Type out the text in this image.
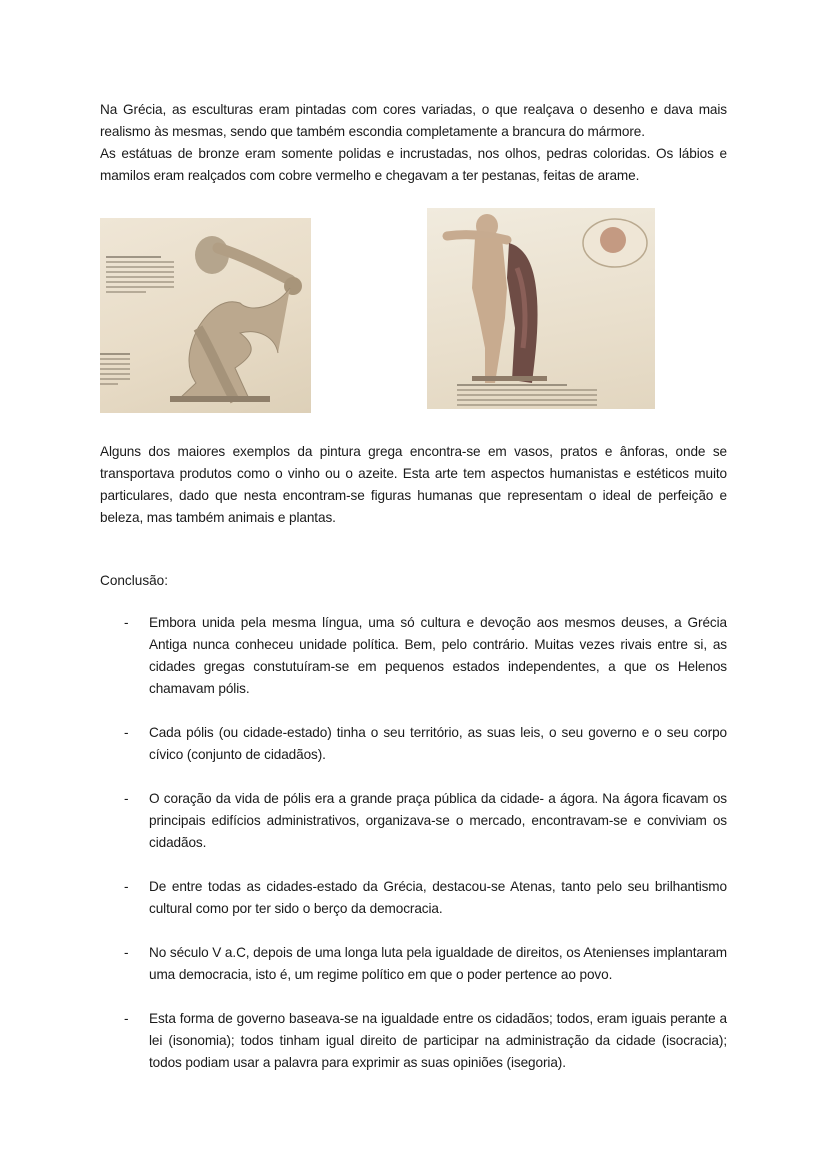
Na Grécia, as esculturas eram pintadas com cores variadas, o que realçava o desenho e dava mais realismo às mesmas, sendo que também escondia completamente a brancura do mármore.

As estátuas de bronze eram somente polidas e incrustadas, nos olhos, pedras coloridas. Os lábios e mamilos eram realçados com cobre vermelho e chegavam a ter pestanas, feitas de arame.

Alguns dos maiores exemplos da pintura grega encontra-se em vasos, pratos e ânforas, onde se transportava produtos como o vinho ou o azeite. Esta arte tem aspectos humanistas e estéticos muito particulares, dado que nesta encontram-se figuras humanas que representam o ideal de perfeição e beleza, mas também animais e plantas.

Conclusão:
- Embora unida pela mesma língua, uma só cultura e devoção aos mesmos deuses, a Grécia Antiga nunca conheceu unidade política. Bem, pelo contrário. Muitas vezes rivais entre si, as cidades gregas constutuíram-se em pequenos estados independentes, a que os Helenos chamavam pólis.
- Cada pólis (ou cidade-estado) tinha o seu território, as suas leis, o seu governo e o seu corpo cívico (conjunto de cidadãos).
- O coração da vida de pólis era a grande praça pública da cidade- a ágora. Na ágora ficavam os principais edifícios administrativos, organizava-se o mercado, encontravam-se e conviviam os cidadãos.
- De entre todas as cidades-estado da Grécia, destacou-se Atenas, tanto pelo seu brilhantismo cultural como por ter sido o berço da democracia.
- No século V a.C, depois de uma longa luta pela igualdade de direitos, os Atenienses implantaram uma democracia, isto é, um regime político em que o poder pertence ao povo.
- Esta forma de governo baseava-se na igualdade entre os cidadãos; todos, eram iguais perante a lei (isonomia); todos tinham igual direito de participar na administração da cidade (isocracia); todos podiam usar a palavra para exprimir as suas opiniões (isegoria).
